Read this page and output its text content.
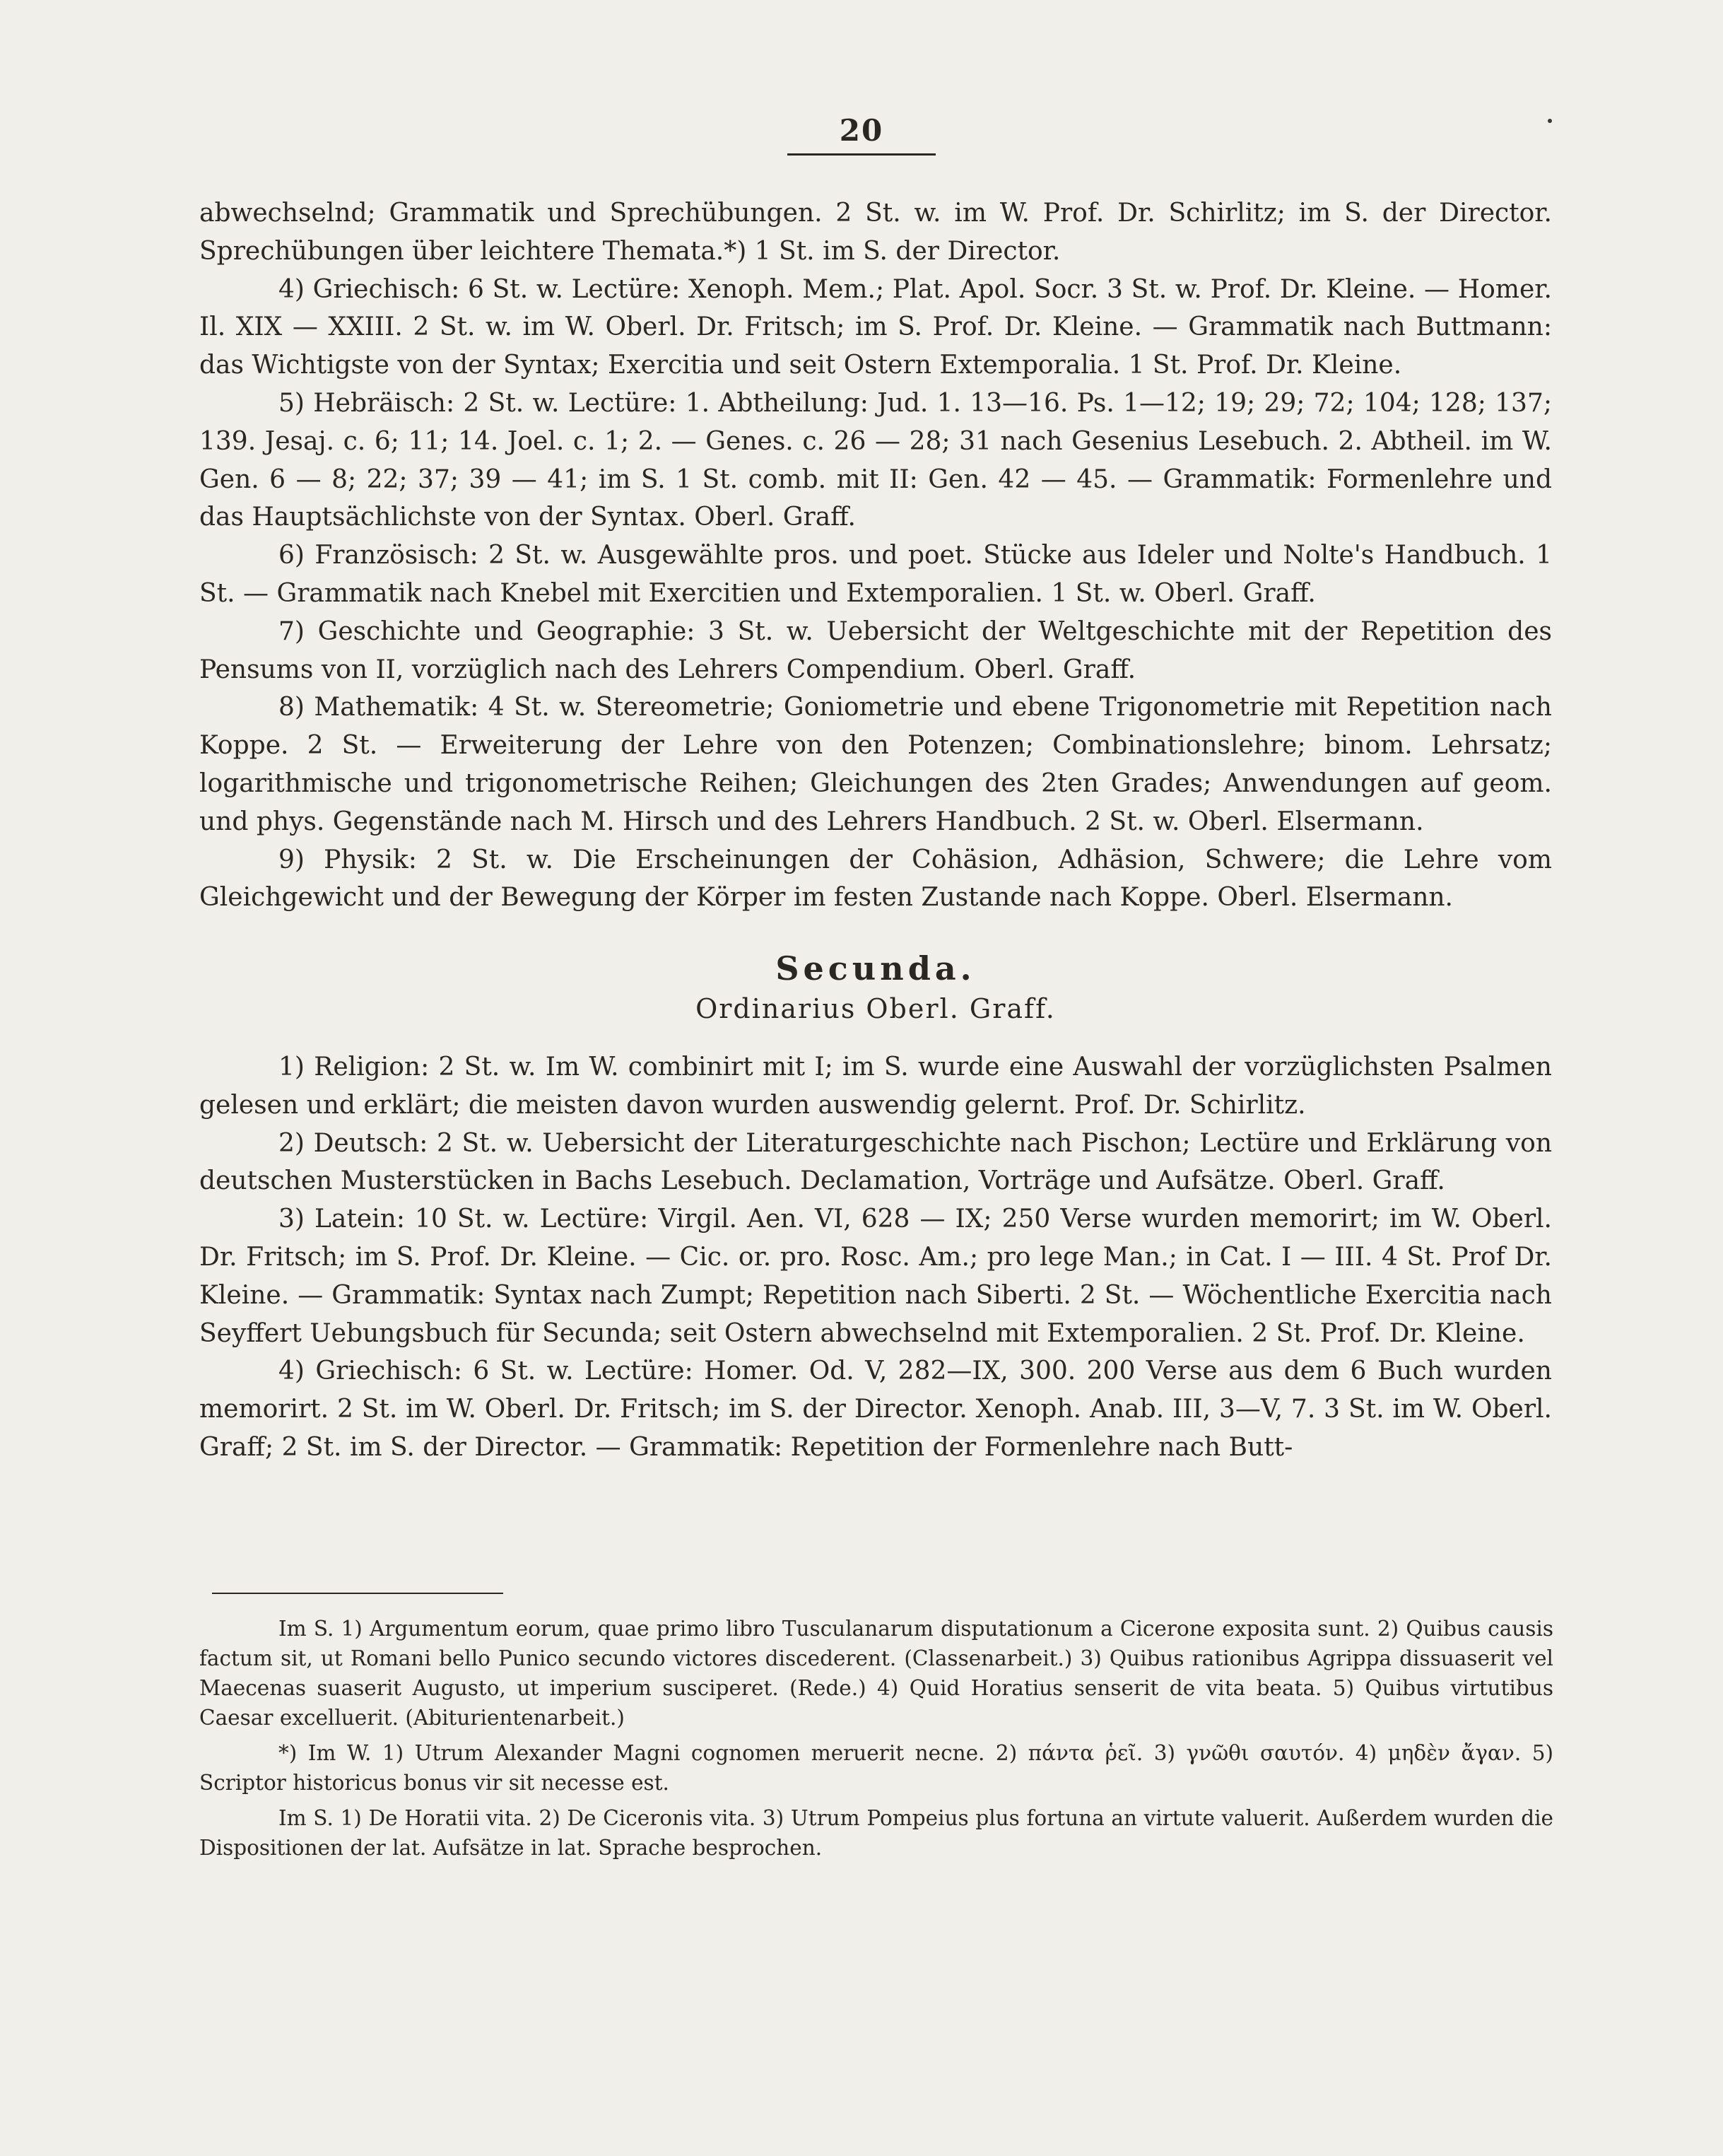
20

abwechselnd; Grammatik und Sprechübungen. 2 St. w. im W. Prof. Dr. Schirlitz; im S. der Director. Sprechübungen über leichtere Themata.*) 1 St. im S. der Director.

4) Griechisch: 6 St. w. Lectüre: Xenoph. Mem.; Plat. Apol. Socr. 3 St. w. Prof. Dr. Kleine. — Homer. Il. XIX — XXIII. 2 St. w. im W. Oberl. Dr. Fritsch; im S. Prof. Dr. Kleine. — Grammatik nach Buttmann: das Wichtigste von der Syntax; Exercitia und seit Ostern Extemporalia. 1 St. Prof. Dr. Kleine.

5) Hebräisch: 2 St. w. Lectüre: 1. Abtheilung: Jud. 1. 13—16. Ps. 1—12; 19; 29; 72; 104; 128; 137; 139. Jesaj. c. 6; 11; 14. Joel. c. 1; 2. — Genes. c. 26 — 28; 31 nach Gesenius Lesebuch. 2. Abtheil. im W. Gen. 6 — 8; 22; 37; 39 — 41; im S. 1 St. comb. mit II: Gen. 42 — 45. — Grammatik: Formenlehre und das Hauptsächlichste von der Syntax. Oberl. Graff.

6) Französisch: 2 St. w. Ausgewählte pros. und poet. Stücke aus Ideler und Nolte's Handbuch. 1 St. — Grammatik nach Knebel mit Exercitien und Extemporalien. 1 St. w. Oberl. Graff.

7) Geschichte und Geographie: 3 St. w. Uebersicht der Weltgeschichte mit der Repetition des Pensums von II, vorzüglich nach des Lehrers Compendium. Oberl. Graff.

8) Mathematik: 4 St. w. Stereometrie; Goniometrie und ebene Trigonometrie mit Repetition nach Koppe. 2 St. — Erweiterung der Lehre von den Potenzen; Combinationslehre; binom. Lehrsatz; logarithmische und trigonometrische Reihen; Gleichungen des 2ten Grades; Anwendungen auf geom. und phys. Gegenstände nach M. Hirsch und des Lehrers Handbuch. 2 St. w. Oberl. Elsermann.

9) Physik: 2 St. w. Die Erscheinungen der Cohäsion, Adhäsion, Schwere; die Lehre vom Gleichgewicht und der Bewegung der Körper im festen Zustande nach Koppe. Oberl. Elsermann.

Secunda.

Ordinarius Oberl. Graff.

1) Religion: 2 St. w. Im W. combinirt mit I; im S. wurde eine Auswahl der vorzüglichsten Psalmen gelesen und erklärt; die meisten davon wurden auswendig gelernt. Prof. Dr. Schirlitz.

2) Deutsch: 2 St. w. Uebersicht der Literaturgeschichte nach Pischon; Lectüre und Erklärung von deutschen Musterstücken in Bachs Lesebuch. Declamation, Vorträge und Aufsätze. Oberl. Graff.

3) Latein: 10 St. w. Lectüre: Virgil. Aen. VI, 628 — IX; 250 Verse wurden memorirt; im W. Oberl. Dr. Fritsch; im S. Prof. Dr. Kleine. — Cic. or. pro. Rosc. Am.; pro lege Man.; in Cat. I — III. 4 St. Prof Dr. Kleine. — Grammatik: Syntax nach Zumpt; Repetition nach Siberti. 2 St. — Wöchentliche Exercitia nach Seyffert Uebungsbuch für Secunda; seit Ostern abwechselnd mit Extemporalien. 2 St. Prof. Dr. Kleine.

4) Griechisch: 6 St. w. Lectüre: Homer. Od. V, 282—IX, 300. 200 Verse aus dem 6 Buch wurden memorirt. 2 St. im W. Oberl. Dr. Fritsch; im S. der Director. Xenoph. Anab. III, 3—V, 7. 3 St. im W. Oberl. Graff; 2 St. im S. der Director. — Grammatik: Repetition der Formenlehre nach Butt-

Im S. 1) Argumentum eorum, quae primo libro Tusculanarum disputationum a Cicerone exposita sunt. 2) Quibus causis factum sit, ut Romani bello Punico secundo victores discederent. (Classenarbeit.) 3) Quibus rationibus Agrippa dissuaserit vel Maecenas suaserit Augusto, ut imperium susciperet. (Rede.) 4) Quid Horatius senserit de vita beata. 5) Quibus virtutibus Caesar excelluerit. (Abiturientenarbeit.)

*) Im W. 1) Utrum Alexander Magni cognomen meruerit necne. 2) πάντα ῥεῖ. 3) γνῶθι σαυτόν. 4) μηδὲν ἄγαν. 5) Scriptor historicus bonus vir sit necesse est.

Im S. 1) De Horatii vita. 2) De Ciceronis vita. 3) Utrum Pompeius plus fortuna an virtute valuerit. Außerdem wurden die Dispositionen der lat. Aufsätze in lat. Sprache besprochen.
